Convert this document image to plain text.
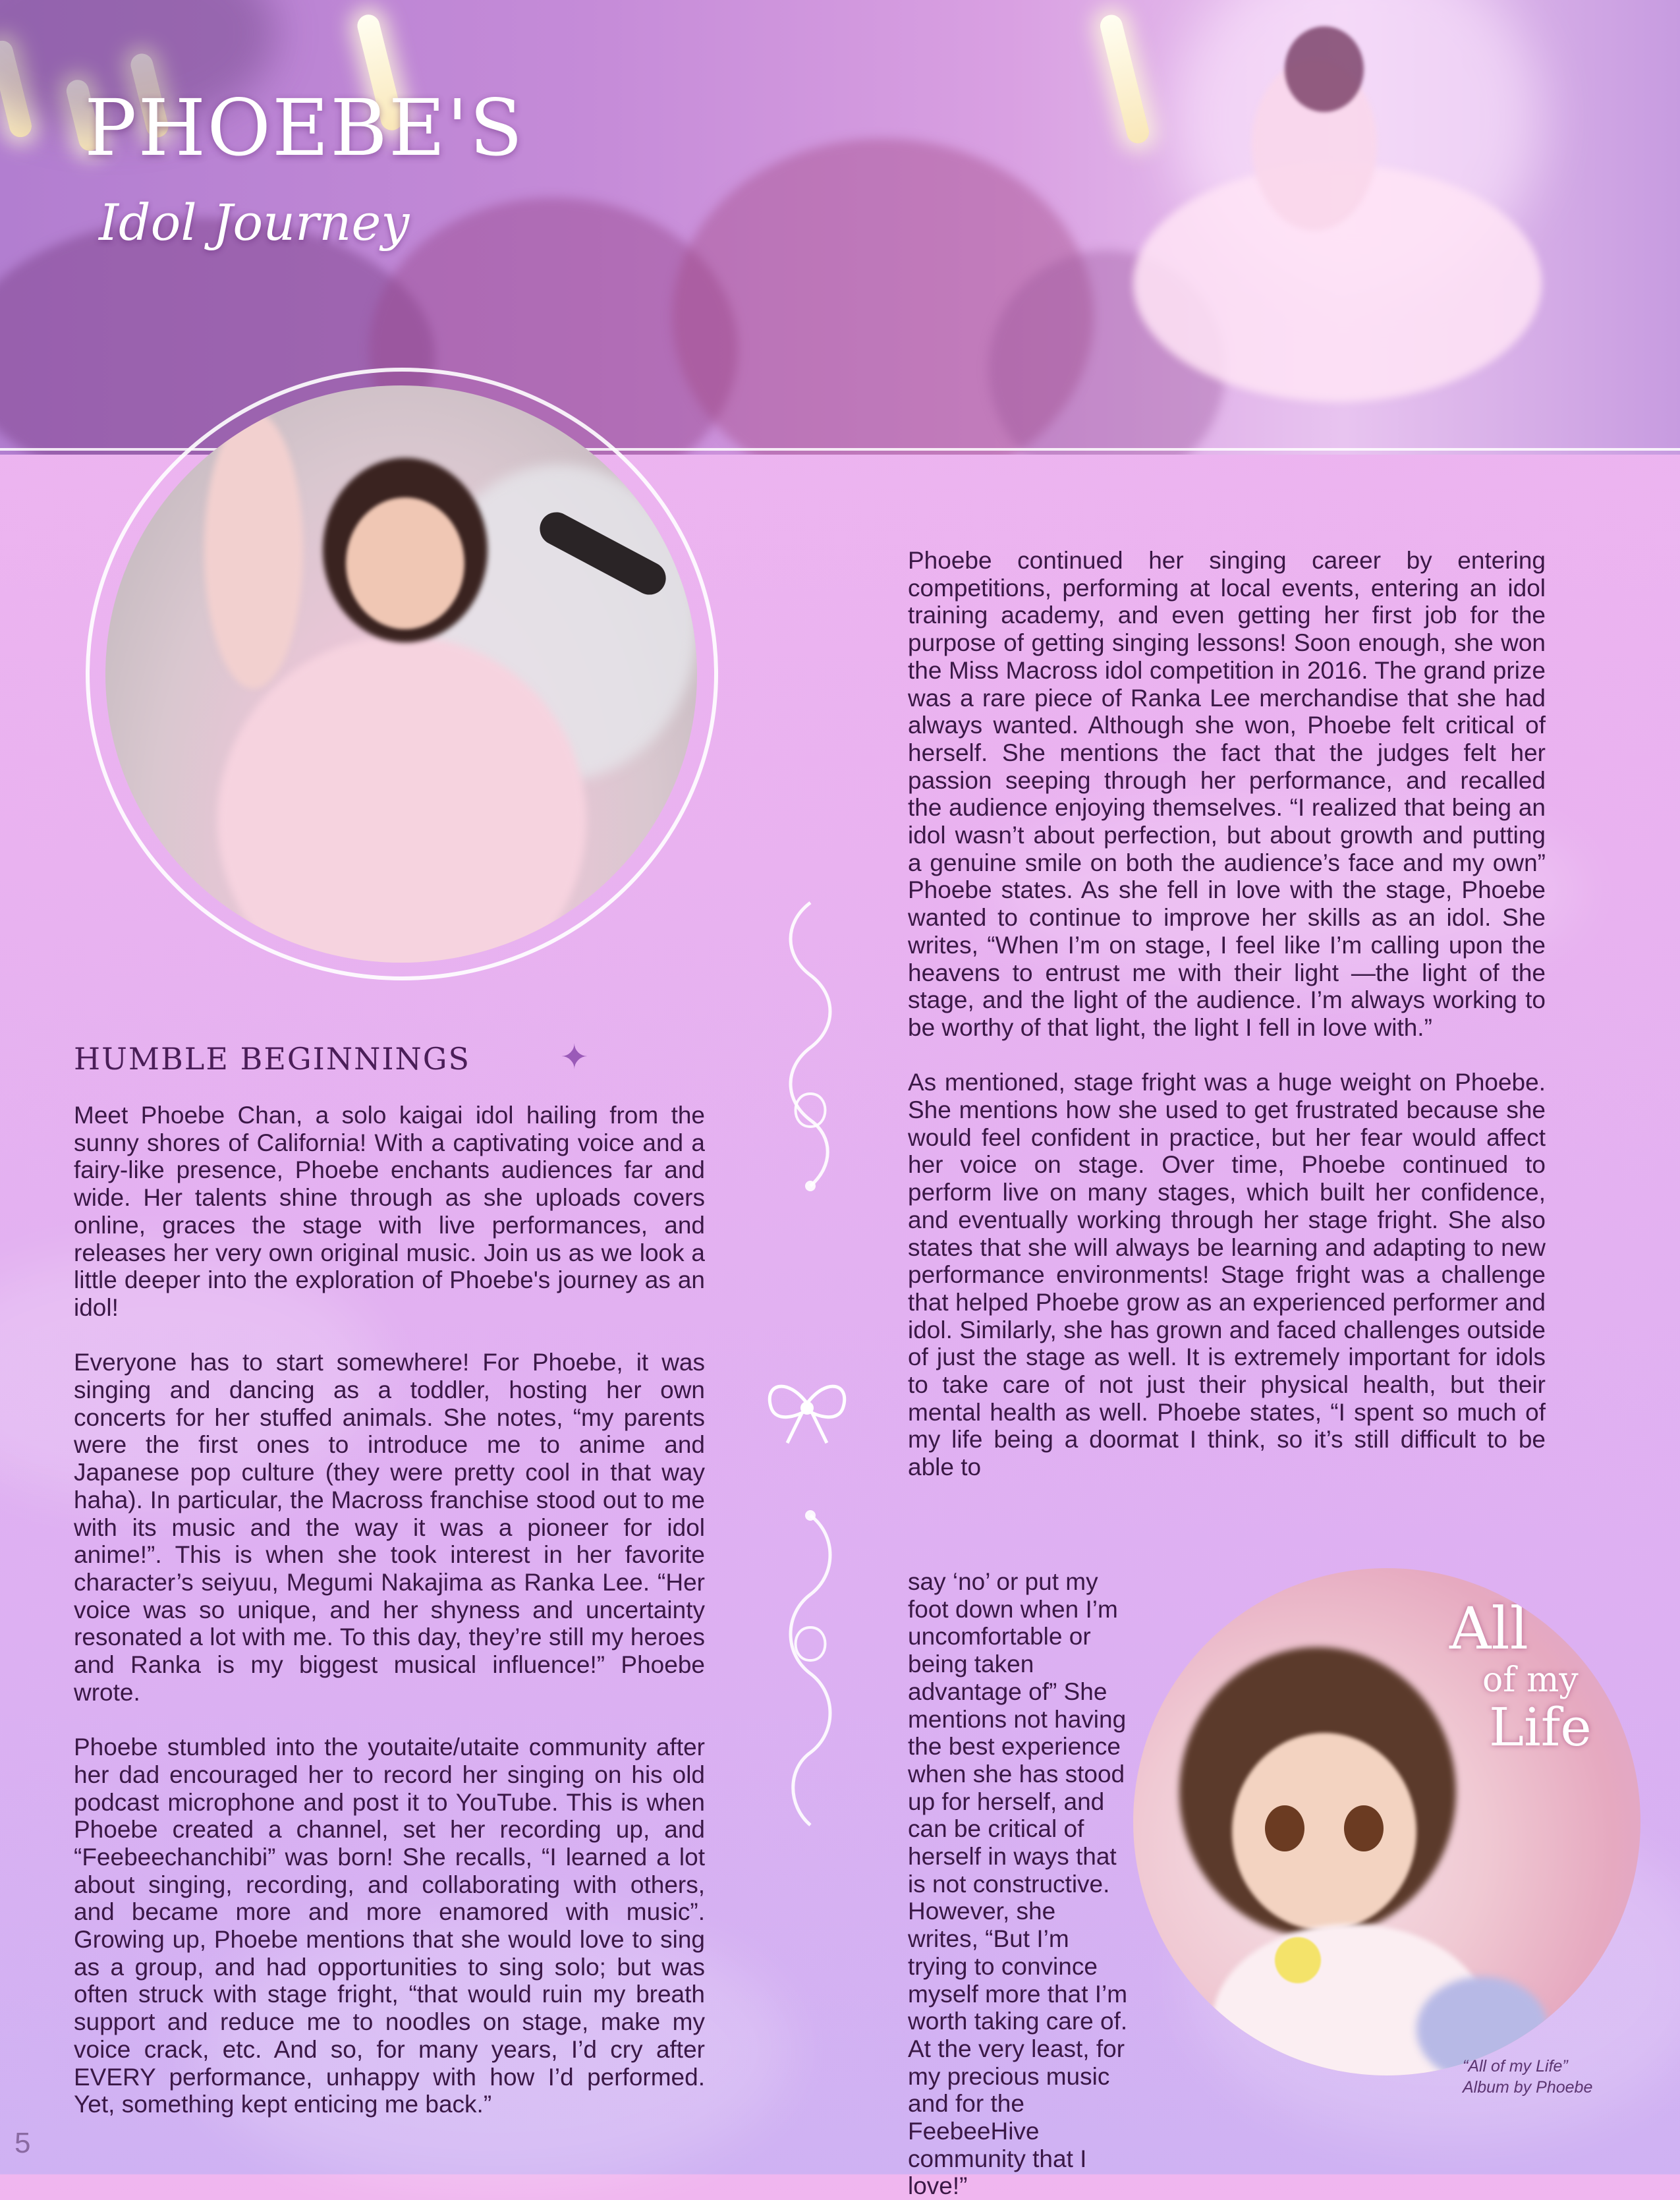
PHOEBE'S
Idol Journey
HUMBLE BEGINNINGS	✦

Meet Phoebe Chan, a solo kaigai idol hailing from the sunny shores of California! With a captivating voice and a fairy-like presence, Phoebe enchants audiences far and wide. Her talents shine through as she uploads covers online, graces the stage with live performances, and releases her very own original music. Join us as we look a little deeper into the exploration of Phoebe's journey as an idol!

Everyone has to start somewhere! For Phoebe, it was singing and dancing as a toddler, hosting her own concerts for her stuffed animals. She notes, “my parents were the first ones to introduce me to anime and Japanese pop culture (they were pretty cool in that way haha). In particular, the Macross franchise stood out to me with its music and the way it was a pioneer for idol anime!”. This is when she took interest in her favorite character’s seiyuu, Megumi Nakajima as Ranka Lee. “Her voice was so unique, and her shyness and uncertainty resonated a lot with me. To this day, they’re still my heroes and Ranka is my biggest musical influence!” Phoebe wrote.

Phoebe stumbled into the youtaite/utaite community after her dad encouraged her to record her singing on his old podcast microphone and post it to YouTube. This is when Phoebe created a channel, set her recording up, and “Feebeechanchibi” was born! She recalls, “I learned a lot about singing, recording, and collaborating with others, and became more and more enamored with music”. Growing up, Phoebe mentions that she would love to sing as a group, and had opportunities to sing solo; but was often struck with stage fright, “that would ruin my breath support and reduce me to noodles on stage, make my voice crack, etc. And so, for many years, I’d cry after EVERY performance, unhappy with how I’d performed. Yet, something kept enticing me back.”

Phoebe continued her singing career by entering competitions, performing at local events, entering an idol training academy, and even getting her first job for the purpose of getting singing lessons! Soon enough, she won the Miss Macross idol competition in 2016. The grand prize was a rare piece of Ranka Lee merchandise that she had always wanted. Although she won, Phoebe felt critical of herself. She mentions the fact that the judges felt her passion seeping through her performance, and recalled the audience enjoying themselves. “I realized that being an idol wasn’t about perfection, but about growth and putting a genuine smile on both the audience’s face and my own” Phoebe states. As she fell in love with the stage, Phoebe wanted to continue to improve her skills as an idol. She writes, “When I’m on stage, I feel like I’m calling upon the heavens to entrust me with their light —the light of the stage, and the light of the audience. I’m always working to be worthy of that light, the light I fell in love with.”

As mentioned, stage fright was a huge weight on Phoebe. She mentions how she used to get frustrated because she would feel confident in practice, but her fear would affect her voice on stage. Over time, Phoebe continued to perform live on many stages, which built her confidence, and eventually working through her stage fright. She also states that she will always be learning and adapting to new performance environments! Stage fright was a challenge that helped Phoebe grow as an experienced performer and idol. Similarly, she has grown and faced challenges outside of just the stage as well. It is extremely important for idols to take care of not just their physical health, but their mental health as well. Phoebe states, “I spent so much of my life being a doormat I think, so it’s still difficult to be able to

say ‘no’ or put my foot down when I’m uncomfortable or being taken advantage of” She mentions not having the best experience when she has stood up for herself, and can be critical of herself in ways that is not constructive. However, she writes, “But I’m trying to convince myself more that I’m worth taking care of. At the very least, for my precious music and for the FeebeeHive community that I love!”
All
of my
Life
“All of my Life”
Album by Phoebe
5
